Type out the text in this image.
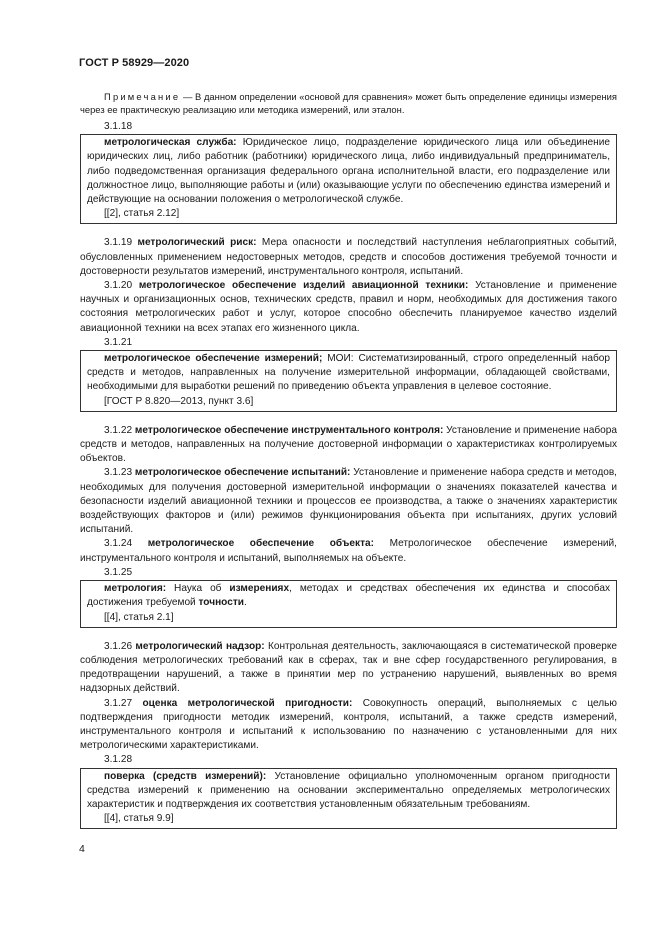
ГОСТ Р 58929—2020

Примечание — В данном определении «основой для сравнения» может быть определение единицы измерения через ее практическую реализацию или методика измерений, или эталон.

3.1.18

метрологическая служба: Юридическое лицо, подразделение юридического лица или объединение юридических лиц, либо работник (работники) юридического лица, либо индивидуальный предприниматель, либо подведомственная организация федерального органа исполнительной власти, его подразделение или должностное лицо, выполняющие работы и (или) оказывающие услуги по обеспечению единства измерений и действующие на основании положения о метрологической службе.

[[2], статья 2.12]

3.1.19 метрологический риск: Мера опасности и последствий наступления неблагоприятных событий, обусловленных применением недостоверных методов, средств и способов достижения требуемой точности и достоверности результатов измерений, инструментального контроля, испытаний.

3.1.20 метрологическое обеспечение изделий авиационной техники: Установление и применение научных и организационных основ, технических средств, правил и норм, необходимых для достижения такого состояния метрологических работ и услуг, которое способно обеспечить планируемое качество изделий авиационной техники на всех этапах его жизненного цикла.

3.1.21

метрологическое обеспечение измерений; МОИ: Систематизированный, строго определенный набор средств и методов, направленных на получение измерительной информации, обладающей свойствами, необходимыми для выработки решений по приведению объекта управления в целевое состояние.

[ГОСТ Р 8.820—2013, пункт 3.6]

3.1.22 метрологическое обеспечение инструментального контроля: Установление и применение набора средств и методов, направленных на получение достоверной информации о характеристиках контролируемых объектов.

3.1.23 метрологическое обеспечение испытаний: Установление и применение набора средств и методов, необходимых для получения достоверной измерительной информации о значениях показателей качества и безопасности изделий авиационной техники и процессов ее производства, а также о значениях характеристик воздействующих факторов и (или) режимов функционирования объекта при испытаниях, других условий испытаний.

3.1.24 метрологическое обеспечение объекта: Метрологическое обеспечение измерений, инструментального контроля и испытаний, выполняемых на объекте.

3.1.25

метрология: Наука об измерениях, методах и средствах обеспечения их единства и способах достижения требуемой точности.

[[4], статья 2.1]

3.1.26 метрологический надзор: Контрольная деятельность, заключающаяся в систематической проверке соблюдения метрологических требований как в сферах, так и вне сфер государственного регулирования, в предотвращении нарушений, а также в принятии мер по устранению нарушений, выявленных во время надзорных действий.

3.1.27 оценка метрологической пригодности: Совокупность операций, выполняемых с целью подтверждения пригодности методик измерений, контроля, испытаний, а также средств измерений, инструментального контроля и испытаний к использованию по назначению с установленными для них метрологическими характеристиками.

3.1.28

поверка (средств измерений): Установление официально уполномоченным органом пригодности средства измерений к применению на основании экспериментально определяемых метрологических характеристик и подтверждения их соответствия установленным обязательным требованиям.

[[4], статья 9.9]

4
